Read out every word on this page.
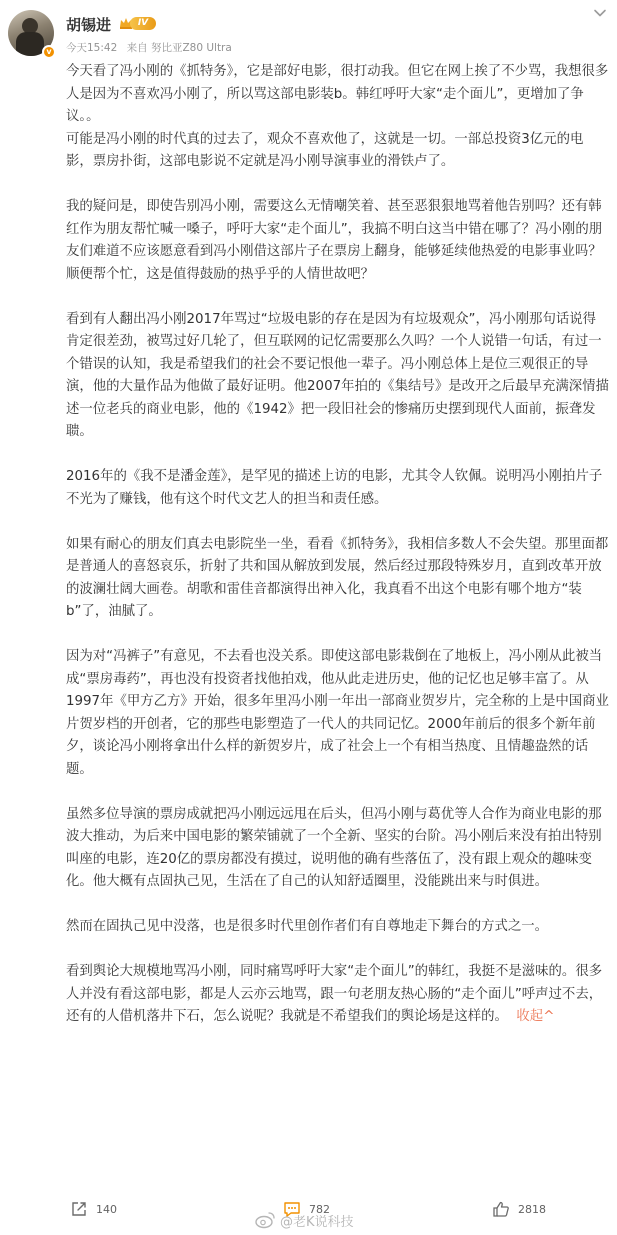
v
胡锡进	IV
今天15:42 来自 努比亚Z80 Ultra

今天看了冯小刚的《抓特务》，它是部好电影，很打动我。但它在网上挨了不少骂，我想很多人是因为不喜欢冯小刚了，所以骂这部电影装b。韩红呼吁大家“走个面儿”，更增加了争议。。

可能是冯小刚的时代真的过去了，观众不喜欢他了，这就是一切。一部总投资3亿元的电影，票房扑街，这部电影说不定就是冯小刚导演事业的滑铁卢了。

我的疑问是，即使告别冯小刚，需要这么无情嘲笑着、甚至恶狠狠地骂着他告别吗？还有韩红作为朋友帮忙喊一嗓子，呼吁大家“走个面儿”，我搞不明白这当中错在哪了？冯小刚的朋友们难道不应该愿意看到冯小刚借这部片子在票房上翻身，能够延续他热爱的电影事业吗？顺便帮个忙，这是值得鼓励的热乎乎的人情世故吧？

看到有人翻出冯小刚2017年骂过“垃圾电影的存在是因为有垃圾观众”，冯小刚那句话说得肯定很差劲，被骂过好几轮了，但互联网的记忆需要那么久吗？一个人说错一句话，有过一个错误的认知，我是希望我们的社会不要记恨他一辈子。冯小刚总体上是位三观很正的导演，他的大量作品为他做了最好证明。他2007年拍的《集结号》是改开之后最早充满深情描述一位老兵的商业电影，他的《1942》把一段旧社会的惨痛历史摆到现代人面前，振聋发聩。

2016年的《我不是潘金莲》，是罕见的描述上访的电影，尤其令人钦佩。说明冯小刚拍片子不光为了赚钱，他有这个时代文艺人的担当和责任感。

如果有耐心的朋友们真去电影院坐一坐，看看《抓特务》，我相信多数人不会失望。那里面都是普通人的喜怒哀乐，折射了共和国从解放到发展，然后经过那段特殊岁月，直到改革开放的波澜壮阔大画卷。胡歌和雷佳音都演得出神入化，我真看不出这个电影有哪个地方“装b”了，油腻了。

因为对“冯裤子”有意见，不去看也没关系。即使这部电影栽倒在了地板上，冯小刚从此被当成“票房毒药”，再也没有投资者找他拍戏，他从此走进历史，他的记忆也足够丰富了。从1997年《甲方乙方》开始，很多年里冯小刚一年出一部商业贺岁片，完全称的上是中国商业片贺岁档的开创者，它的那些电影塑造了一代人的共同记忆。2000年前后的很多个新年前夕，谈论冯小刚将拿出什么样的新贺岁片，成了社会上一个有相当热度、且情趣盎然的话题。

虽然多位导演的票房成就把冯小刚远远甩在后头，但冯小刚与葛优等人合作为商业电影的那波大推动，为后来中国电影的繁荣铺就了一个全新、坚实的台阶。冯小刚后来没有拍出特别叫座的电影，连20亿的票房都没有摸过，说明他的确有些落伍了，没有跟上观众的趣味变化。他大概有点固执己见，生活在了自己的认知舒适圈里，没能跳出来与时俱进。

然而在固执己见中没落，也是很多时代里创作者们有自尊地走下舞台的方式之一。

看到舆论大规模地骂冯小刚，同时痛骂呼吁大家“走个面儿”的韩红，我挺不是滋味的。很多人并没有看这部电影，都是人云亦云地骂，跟一句老朋友热心肠的“走个面儿”呼声过不去，还有的人借机落井下石，怎么说呢？我就是不希望我们的舆论场是这样的。 收起^

140	782	2818
@老K说科技
